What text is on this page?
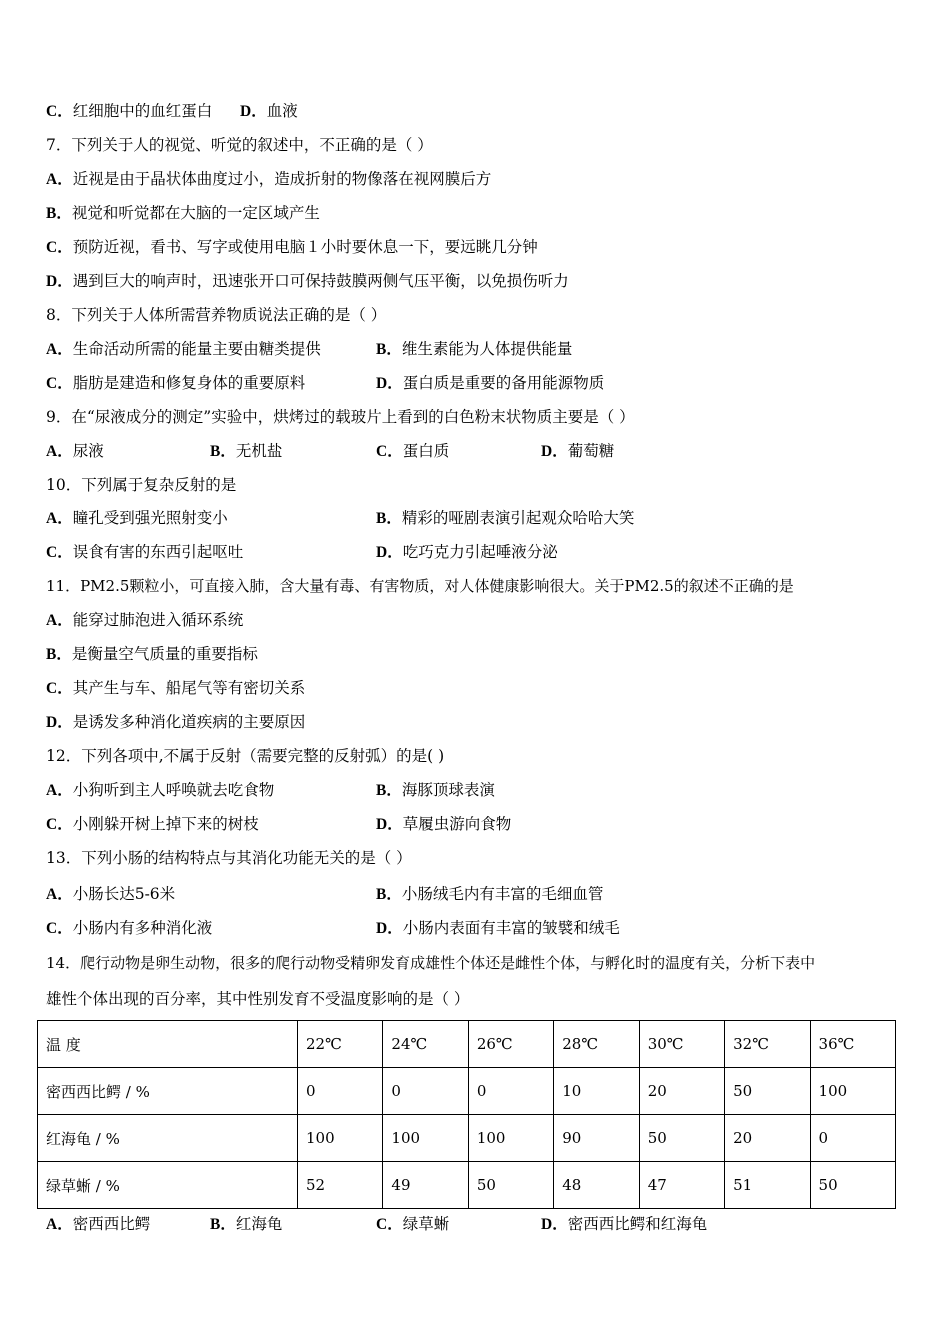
C．红细胞中的血红蛋白 D．血液
7．下列关于人的视觉、听觉的叙述中，不正确的是（ ）
A．近视是由于晶状体曲度过小，造成折射的物像落在视网膜后方
B．视觉和听觉都在大脑的一定区域产生
C．预防近视，看书、写字或使用电脑１小时要休息一下，要远眺几分钟
D．遇到巨大的响声时，迅速张开口可保持鼓膜两侧气压平衡，以免损伤听力
8．下列关于人体所需营养物质说法正确的是（ ）
A．生命活动所需的能量主要由糖类提供	B．维生素能为人体提供能量
C．脂肪是建造和修复身体的重要原料	D．蛋白质是重要的备用能源物质
9．在“尿液成分的测定”实验中，烘烤过的载玻片上看到的白色粉末状物质主要是（ ）
A．尿液	B．无机盐	C．蛋白质	D．葡萄糖
10．下列属于复杂反射的是
A．瞳孔受到强光照射变小	B．精彩的哑剧表演引起观众哈哈大笑
C．误食有害的东西引起呕吐	D．吃巧克力引起唾液分泌
11．PM2.5颗粒小，可直接入肺，含大量有毒、有害物质，对人体健康影响很大。关于PM2.5的叙述不正确的是
A．能穿过肺泡进入循环系统
B．是衡量空气质量的重要指标
C．其产生与车、船尾气等有密切关系
D．是诱发多种消化道疾病的主要原因
12．下列各项中,不属于反射（需要完整的反射弧）的是( )
A．小狗听到主人呼唤就去吃食物	B．海豚顶球表演
C．小刚躲开树上掉下来的树枝	D．草履虫游向食物
13．下列小肠的结构特点与其消化功能无关的是（ ）
A．小肠长达5-6米	B．小肠绒毛内有丰富的毛细血管
C．小肠内有多种消化液	D．小肠内表面有丰富的皱襞和绒毛
14．爬行动物是卵生动物，很多的爬行动物受精卵发育成雄性个体还是雌性个体，与孵化时的温度有关，分析下表中
雄性个体出现的百分率，其中性别发育不受温度影响的是（ ）
温 度	22℃	24℃	26℃	28℃	30℃	32℃	36℃
密西西比鳄 / %	0	0	0	10	20	50	100
红海龟 / %	100	100	100	90	50	20	0
绿草蜥 / %	52	49	50	48	47	51	50
A．密西西比鳄	B．红海龟	C．绿草蜥	D．密西西比鳄和红海龟
